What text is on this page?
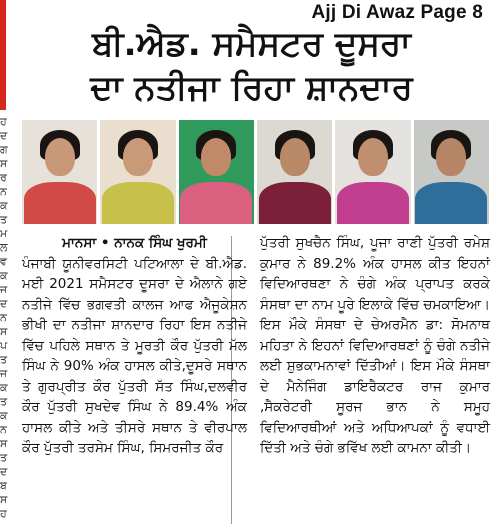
ਹ
ਦ
ਗ
ਸ
ਰ
ਨ
ਕ
ਤ
ਮ
ਲ
ਵ
ਕ
ਜ
ਦ
ਨ
ਸ
ਪ
ਤ
ਜ
ਕ
ਤ
ਕ
ਨ
ਸ
ਤ
ਦ
ਬ
ਸ
ਹ
Ajj Di Awaz Page 8
ਬੀ.ਐਡ. ਸਮੈਸਟਰ ਦੂਸਰਾ
ਦਾ ਨਤੀਜਾ ਰਿਹਾ ਸ਼ਾਨਦਾਰ
ਮਾਨਸਾ • ਨਾਨਕ ਸਿੰਘ ਖੁਰਮੀ
ਪੰਜਾਬੀ ਯੂਨੀਵਰਸਿਟੀ ਪਟਿਆਲਾ ਦੇ ਬੀ.ਐਡ. ਮਈ 2021 ਸਮੈਸਟਰ ਦੂਸਰਾ ਦੇ ਐਲਾਨੇ ਗਏ ਨਤੀਜੇ ਵਿੱਚ ਭਗਵਤੀ ਕਾਲਜ ਆਫ ਐਜੂਕੇਸ਼ਨ ਭੀਖੀ ਦਾ ਨਤੀਜਾ ਸ਼ਾਨਦਾਰ ਰਿਹਾ ਇਸ ਨਤੀਜੇ ਵਿੱਚ ਪਹਿਲੇ ਸਥਾਨ ਤੇ ਮੂਰਤੀ ਕੌਰ ਪੁੱਤਰੀ ਮੱਲ ਸਿੰਘ ਨੇ 90% ਅੰਕ ਹਾਸਲ ਕੀਤੇ,ਦੂਸਰੇ ਸਥਾਨ ਤੇ ਗੁਰਪ੍ਰੀਤ ਕੌਰ ਪੁੱਤਰੀ ਸੱਤ ਸਿੰਘ,ਦਲਵੀਰ ਕੌਰ ਪੁੱਤਰੀ ਸੁਖਦੇਵ ਸਿੰਘ ਨੇ 89.4% ਅੰਕ ਹਾਸਲ ਕੀਤੇ ਅਤੇ ਤੀਸਰੇ ਸਥਾਨ ਤੇ ਵੀਰਪਾਲ ਕੌਰ ਪੁੱਤਰੀ ਤਰਸੇਮ ਸਿੰਘ, ਸਿਮਰਜੀਤ ਕੌਰ
ਪੁੱਤਰੀ ਸੁਖਚੈਨ ਸਿੰਘ, ਪੂਜਾ ਰਾਣੀ ਪੁੱਤਰੀ ਰਮੇਸ਼ ਕੁਮਾਰ ਨੇ 89.2% ਅੰਕ ਹਾਸਲ ਕੀਤ ਇਹਨਾਂ ਵਿਦਿਆਰਥਣਾ ਨੇ ਚੰਗੇ ਅੰਕ ਪ੍ਰਾਪਤ ਕਰਕੇ ਸੰਸਥਾ ਦਾ ਨਾਮ ਪੂਰੇ ਇਲਾਕੇ ਵਿੱਚ ਚਮਕਾਇਆ। ਇਸ ਮੌਕੇ ਸੰਸਥਾ ਦੇ ਚੇਅਰਮੈਨ ਡਾ: ਸੋਮਨਾਥ ਮਹਿਤਾ ਨੇ ਇਹਨਾਂ ਵਿਦਿਆਰਥਣਾਂ ਨੂੰ ਚੰਗੇ ਨਤੀਜੇ ਲਈ ਸ਼ੁਭਕਾਮਨਾਵਾਂ ਦਿੱਤੀਆਂ। ਇਸ ਮੌਕੇ ਸੰਸਥਾ ਦੇ ਮੈਨੇਜਿੰਗ ਡਾਇਰੈਕਟਰ ਰਾਜ ਕੁਮਾਰ ,ਸੈਕਰੇਟਰੀ ਸੂਰਜ ਭਾਨ ਨੇ ਸਮੂਹ ਵਿਦਿਆਰਥੀਆਂ ਅਤੇ ਅਧਿਆਪਕਾਂ ਨੂੰ ਵਧਾਈ ਦਿੱਤੀ ਅਤੇ ਚੰਗੇ ਭਵਿੱਖ ਲਈ ਕਾਮਨਾ ਕੀਤੀ।
